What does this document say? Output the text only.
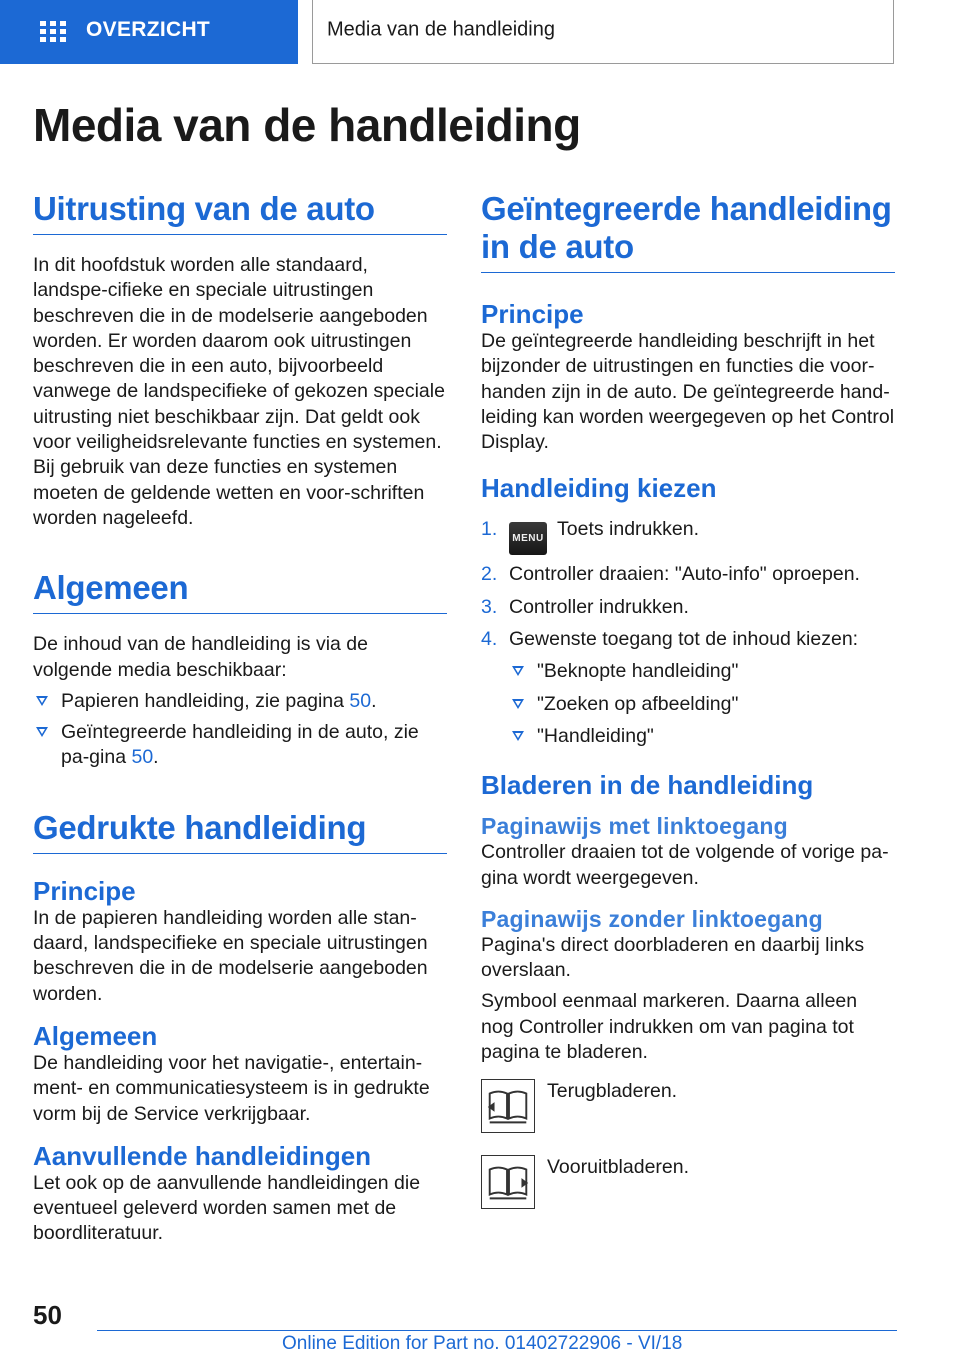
OVERZICHT	Media van de handleiding
Media van de handleiding
Uitrusting van de auto

In dit hoofdstuk worden alle standaard, landspe-cifieke en speciale uitrustingen beschreven die in de modelserie aangeboden worden. Er worden daarom ook uitrustingen beschreven die in een auto, bijvoorbeeld vanwege de landspecifieke of gekozen speciale uitrusting niet beschikbaar zijn. Dat geldt ook voor veiligheidsrelevante functies en systemen. Bij gebruik van deze functies en systemen moeten de geldende wetten en voor-schriften worden nageleefd.

Algemeen

De inhoud van de handleiding is via de volgende media beschikbaar:

Papieren handleiding, zie pagina 50.
Geïntegreerde handleiding in de auto, zie pa-gina 50.
Gedrukte handleiding
Principe

In de papieren handleiding worden alle stan-daard, landspecifieke en speciale uitrustingen beschreven die in de modelserie aangeboden worden.

Algemeen

De handleiding voor het navigatie-, entertain-ment- en communicatiesysteem is in gedrukte vorm bij de Service verkrijgbaar.

Aanvullende handleidingen

Let ook op de aanvullende handleidingen die eventueel geleverd worden samen met de boordliteratuur.

Geïntegreerde handleiding in de auto
Principe

De geïntegreerde handleiding beschrijft in het bijzonder de uitrustingen en functies die voor-handen zijn in de auto. De geïntegreerde hand-leiding kan worden weergegeven op het Control Display.

Handleiding kiezen
1. MENU Toets indrukken.
2. Controller draaien: "Auto-info" oproepen.
3. Controller indrukken.
4. Gewenste toegang tot de inhoud kiezen:
"Beknopte handleiding"
"Zoeken op afbeelding"
"Handleiding"
Bladeren in de handleiding
Paginawijs met linktoegang

Controller draaien tot de volgende of vorige pa-gina wordt weergegeven.

Paginawijs zonder linktoegang

Pagina's direct doorbladeren en daarbij links overslaan.

Symbool eenmaal markeren. Daarna alleen nog Controller indrukken om van pagina tot pagina te bladeren.

Terugbladeren.
Vooruitbladeren.
50
Online Edition for Part no. 01402722906 - VI/18
